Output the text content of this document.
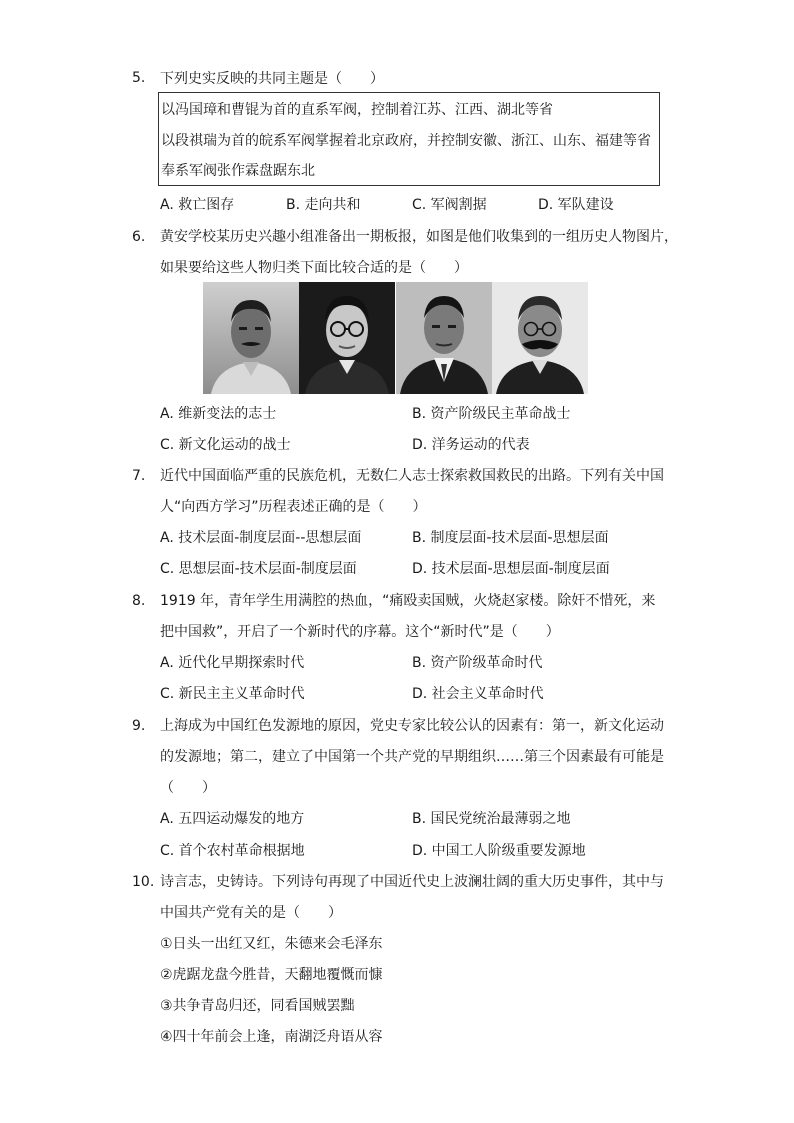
5.	下列史实反映的共同主题是（　　）
以冯国璋和曹锟为首的直系军阀，控制着江苏、江西、湖北等省
以段祺瑞为首的皖系军阀掌握着北京政府，并控制安徽、浙江、山东、福建等省
奉系军阀张作霖盘踞东北
A. 救亡图存	B. 走向共和	C. 军阀割据	D. 军队建设
6. 黄安学校某历史兴趣小组准备出一期板报，如图是他们收集到的一组历史人物图片，
如果要给这些人物归类下面比较合适的是（　　）
A. 维新变法的志士	B. 资产阶级民主革命战士
C. 新文化运动的战士	D. 洋务运动的代表
7. 近代中国面临严重的民族危机，无数仁人志士探索救国救民的出路。下列有关中国
人“向西方学习”历程表述正确的是（　　）
A. 技术层面-制度层面--思想层面	B. 制度层面-技术层面-思想层面
C. 思想层面-技术层面-制度层面	D. 技术层面-思想层面-制度层面
8. 1919 年，青年学生用满腔的热血，“痛殴卖国贼，火烧赵家楼。除奸不惜死，来
把中国救”，开启了一个新时代的序幕。这个“新时代”是（　　）
A. 近代化早期探索时代	B. 资产阶级革命时代
C. 新民主主义革命时代	D. 社会主义革命时代
9. 上海成为中国红色发源地的原因，党史专家比较公认的因素有：第一，新文化运动
的发源地；第二，建立了中国第一个共产党的早期组织……第三个因素最有可能是
（　　）
A. 五四运动爆发的地方	B. 国民党统治最薄弱之地
C. 首个农村革命根据地	D. 中国工人阶级重要发源地
10. 诗言志，史铸诗。下列诗句再现了中国近代史上波澜壮阔的重大历史事件，其中与
中国共产党有关的是（　　）
①日头一出红又红，朱德来会毛泽东
②虎踞龙盘今胜昔，天翻地覆慨而慷
③共争青岛归还，同看国贼罢黜
④四十年前会上逢，南湖泛舟语从容
